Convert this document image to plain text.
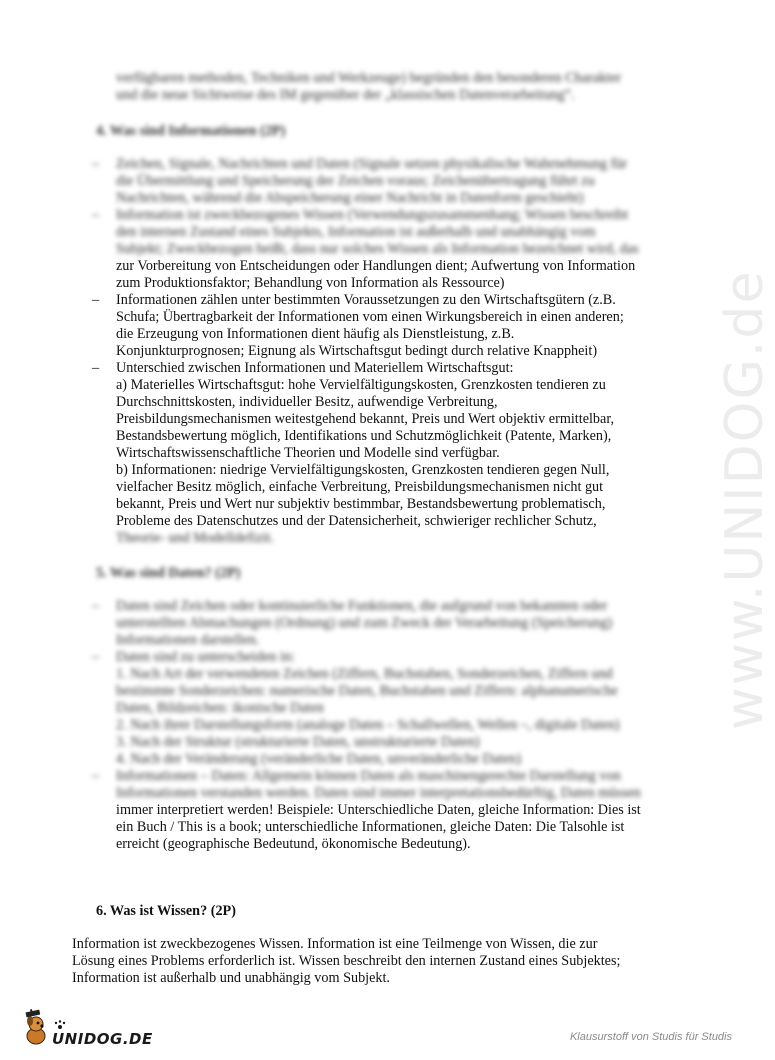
verfügbaren methoden, Techniken und Werkzeuge) begründen den besonderen Charakter
und die neue Sichtweise des IM gegenüber der „klassischen Datenverarbeitung“.
4. Was sind Informationen (2P)
–	Zeichen, Signale, Nachrichten und Daten (Signale setzen physikalische Wahrnehmung für
die Übermittlung und Speicherung der Zeichen voraus; Zeichenübertragung führt zu
Nachrichten, während die Abspeicherung einer Nachricht in Datenform geschieht)
–	Information ist zweckbezogenes Wissen (Verwendungszusammenhang; Wissen beschreibt
den internen Zustand eines Subjekts, Information ist außerhalb und unabhängig vom
Subjekt; Zweckbezogen heißt, dass nur solches Wissen als Information bezeichnet wird, das
zur Vorbereitung von Entscheidungen oder Handlungen dient; Aufwertung von Information
zum Produktionsfaktor; Behandlung von Information als Ressource)
–	Informationen zählen unter bestimmten Voraussetzungen zu den Wirtschaftsgütern (z.B.
Schufa; Übertragbarkeit der Informationen vom einen Wirkungsbereich in einen anderen;
die Erzeugung von Informationen dient häufig als Dienstleistung, z.B.
Konjunkturprognosen; Eignung als Wirtschaftsgut bedingt durch relative Knappheit)
–	Unterschied zwischen Informationen und Materiellem Wirtschaftsgut:
a) Materielles Wirtschaftsgut: hohe Vervielfältigungskosten, Grenzkosten tendieren zu
Durchschnittskosten, individueller Besitz, aufwendige Verbreitung,
Preisbildungsmechanismen weitestgehend bekannt, Preis und Wert objektiv ermittelbar,
Bestandsbewertung möglich, Identifikations und Schutzmöglichkeit (Patente, Marken),
Wirtschaftswissenschaftliche Theorien und Modelle sind verfügbar.
b) Informationen: niedrige Vervielfältigungskosten, Grenzkosten tendieren gegen Null,
vielfacher Besitz möglich, einfache Verbreitung, Preisbildungsmechanismen nicht gut
bekannt, Preis und Wert nur subjektiv bestimmbar, Bestandsbewertung problematisch,
Probleme des Datenschutzes und der Datensicherheit, schwieriger rechlicher Schutz,
Theorie- und Modelldefizit.
5. Was sind Daten? (2P)
–	Daten sind Zeichen oder kontinuierliche Funktionen, die aufgrund von bekannten oder
unterstellten Abmachungen (Ordnung) und zum Zweck der Verarbeitung (Speicherung)
Informationen darstellen.
–	Daten sind zu unterscheiden in:
1. Nach Art der verwendeten Zeichen (Ziffern, Buchstaben, Sonderzeichen, Ziffern und
bestimmte Sonderzeichen: numerische Daten, Buchstaben und Ziffern: alphanumerische
Daten, Bildzeichen: ikonische Daten
2. Nach ihrer Darstellungsform (analoge Daten – Schallwellen, Wellen –, digitale Daten)
3. Nach der Struktur (strukturierte Daten, unstrukturierte Daten)
4. Nach der Veränderung (veränderliche Daten, unveränderliche Daten)
–	Informationen – Daten: Allgemein können Daten als maschinengerechte Darstellung von
Informationen verstanden werden. Daten sind immer interpretationsbedürftig, Daten müssen
immer interpretiert werden! Beispiele: Unterschiedliche Daten, gleiche Information: Dies ist
ein Buch / This is a book; unterschiedliche Informationen, gleiche Daten: Die Talsohle ist
erreicht (geographische Bedeutund, ökonomische Bedeutung).
6. Was ist Wissen? (2P)
Information ist zweckbezogenes Wissen. Information ist eine Teilmenge von Wissen, die zur
Lösung eines Problems erforderlich ist. Wissen beschreibt den internen Zustand eines Subjektes;
Information ist außerhalb und unabhängig vom Subjekt.
www.UNIDOG.de
UNIDOG.DE	Klausurstoff von Studis für Studis
